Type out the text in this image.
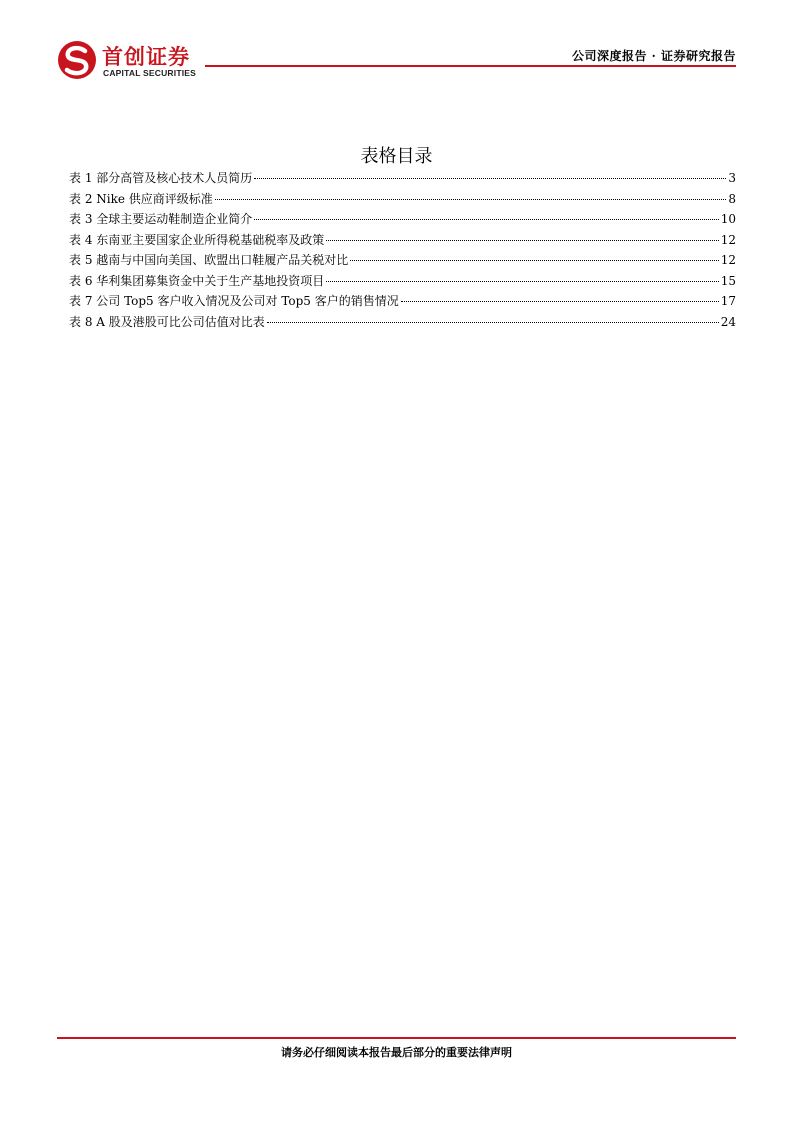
首创证券
CAPITAL SECURITIES
公司深度报告 · 证券研究报告
表格目录
表 1 部分高管及核心技术人员简历	3
表 2 Nike 供应商评级标准	8
表 3 全球主要运动鞋制造企业简介	10
表 4 东南亚主要国家企业所得税基础税率及政策	12
表 5 越南与中国向美国、欧盟出口鞋履产品关税对比	12
表 6 华利集团募集资金中关于生产基地投资项目	15
表 7 公司 Top5 客户收入情况及公司对 Top5 客户的销售情况	17
表 8 A 股及港股可比公司估值对比表	24
请务必仔细阅读本报告最后部分的重要法律声明
